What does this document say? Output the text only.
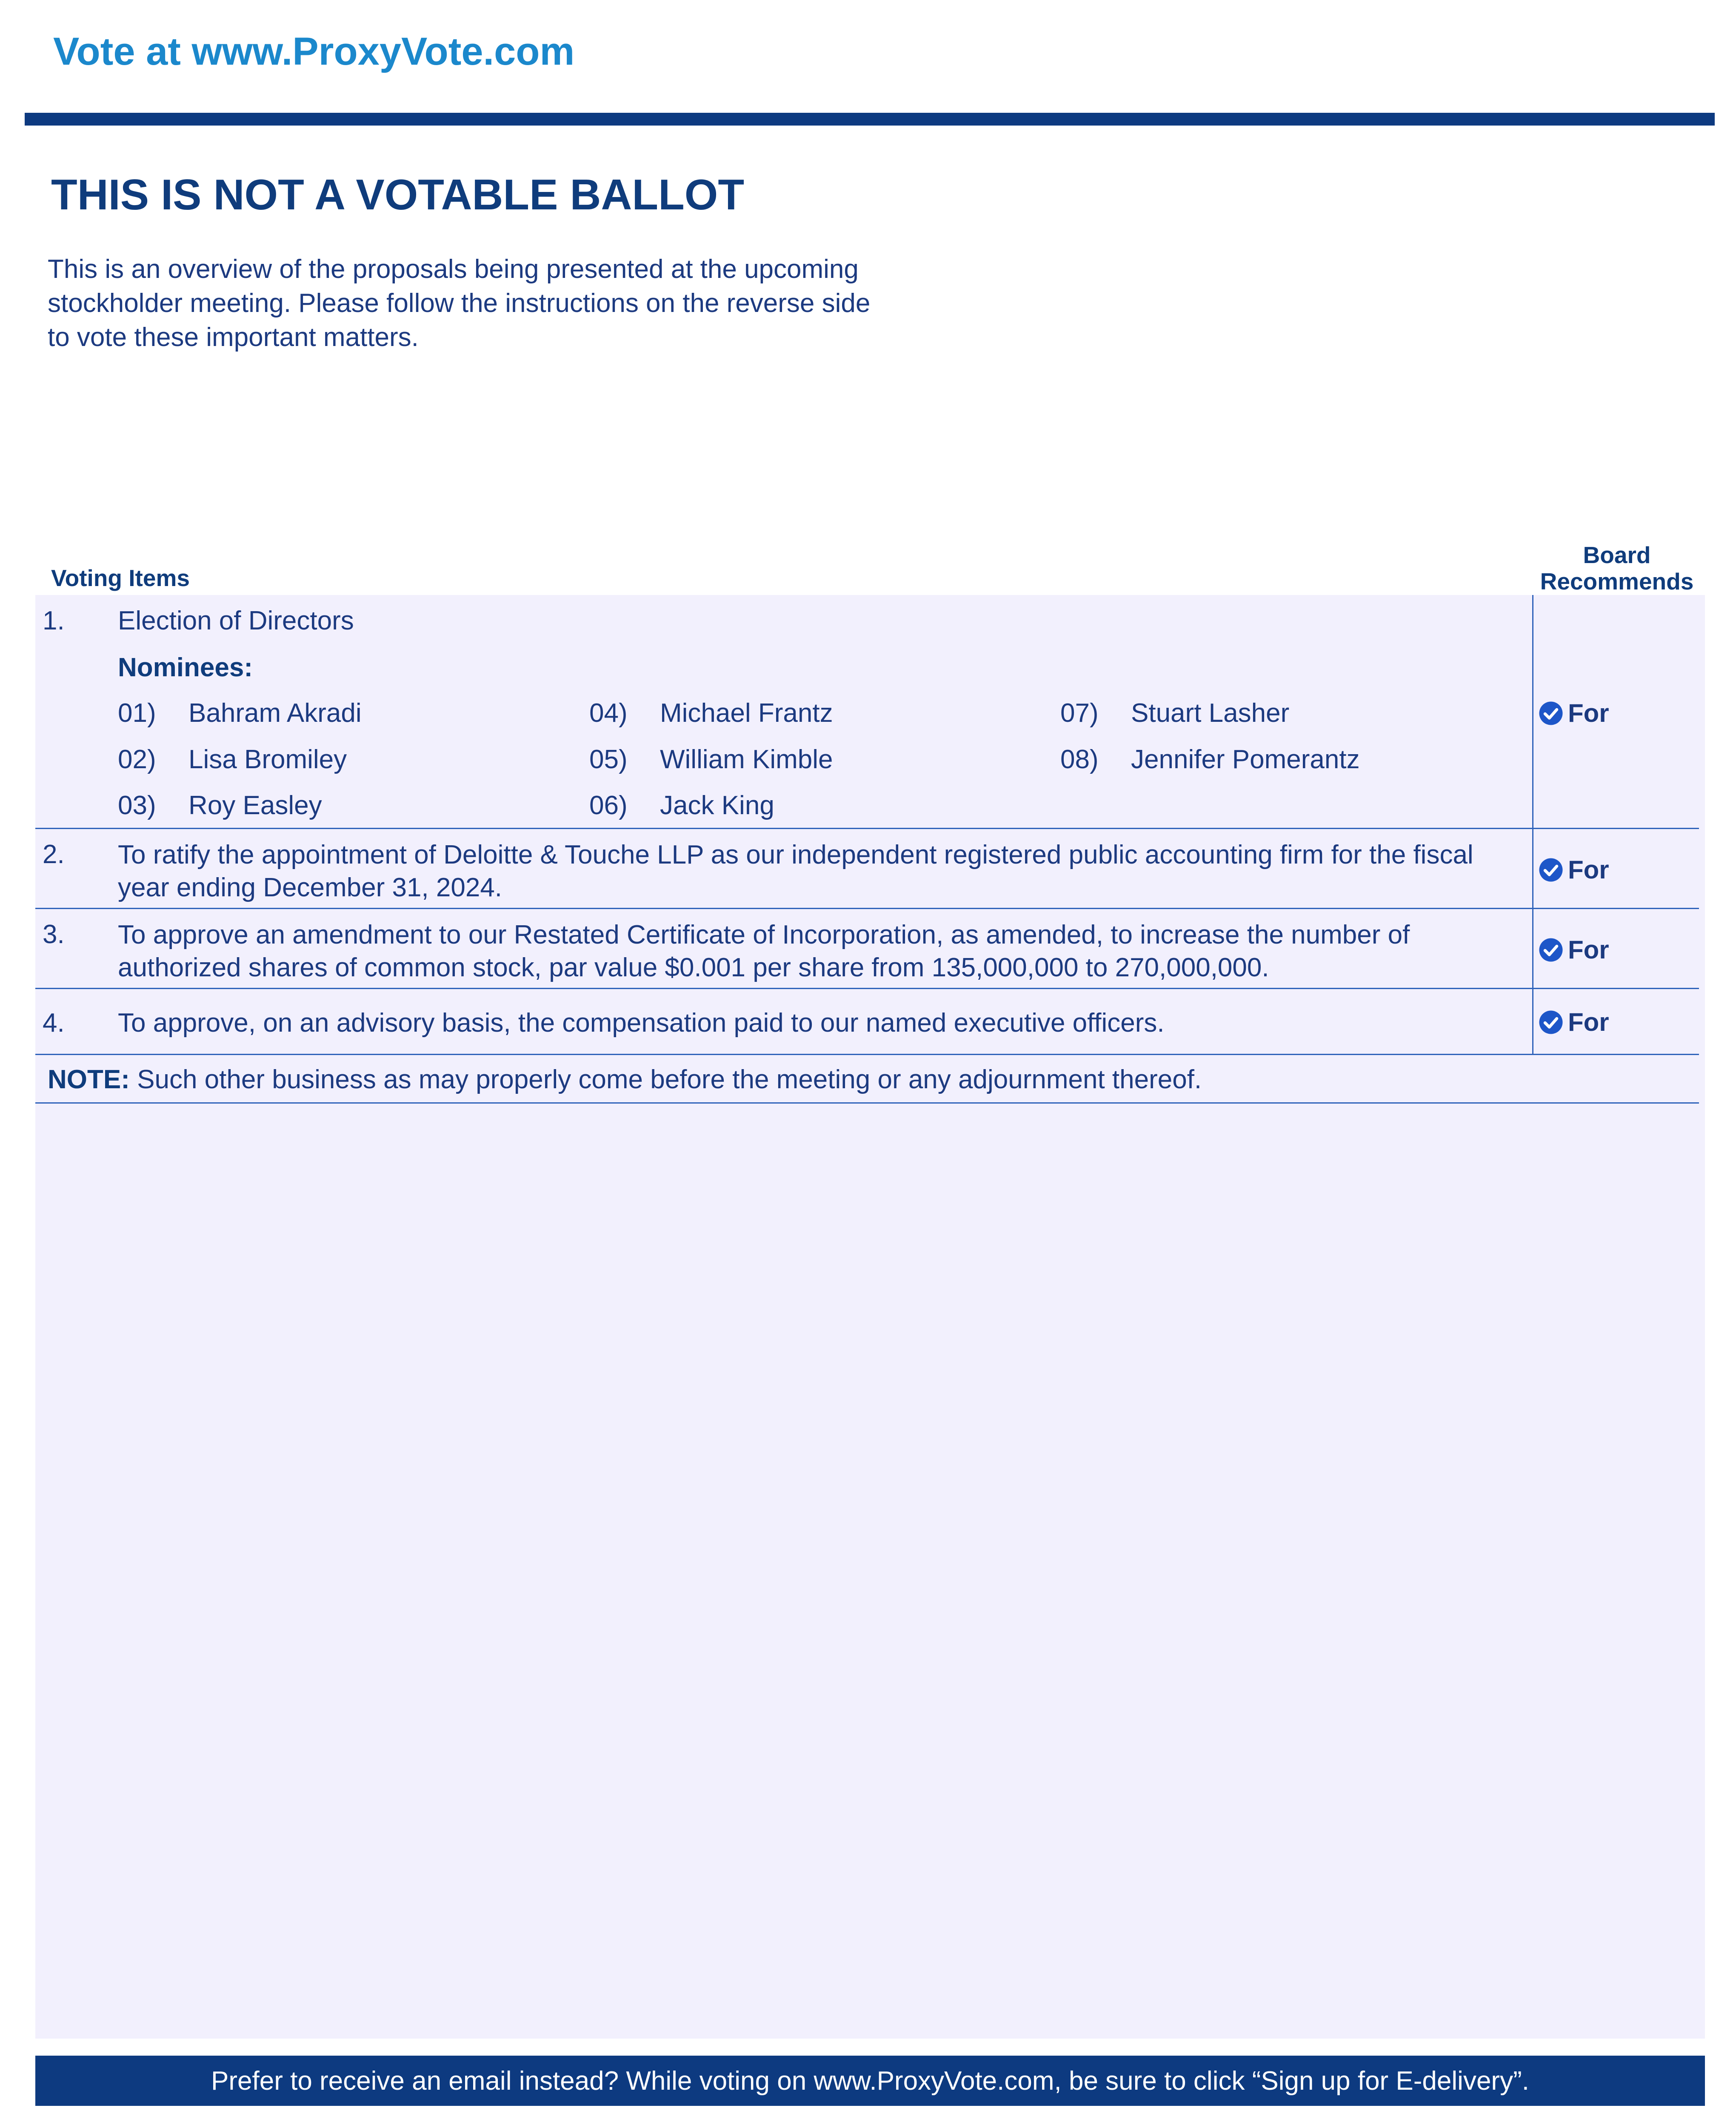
Vote at www.ProxyVote.com
THIS IS NOT A VOTABLE BALLOT
This is an overview of the proposals being presented at the upcoming stockholder meeting. Please follow the instructions on the reverse side to vote these important matters.
Voting Items
Board Recommends
1. Election of Directors
Nominees:
01) Bahram Akradi
02) Lisa Bromiley
03) Roy Easley
04) Michael Frantz
05) William Kimble
06) Jack King
07) Stuart Lasher
08) Jennifer Pomerantz
For
2. To ratify the appointment of Deloitte & Touche LLP as our independent registered public accounting firm for the fiscal year ending December 31, 2024.
For
3. To approve an amendment to our Restated Certificate of Incorporation, as amended, to increase the number of authorized shares of common stock, par value $0.001 per share from 135,000,000 to 270,000,000.
For
4. To approve, on an advisory basis, the compensation paid to our named executive officers.	For
NOTE: Such other business as may properly come before the meeting or any adjournment thereof.
Prefer to receive an email instead? While voting on www.ProxyVote.com, be sure to click “Sign up for E-delivery”.
